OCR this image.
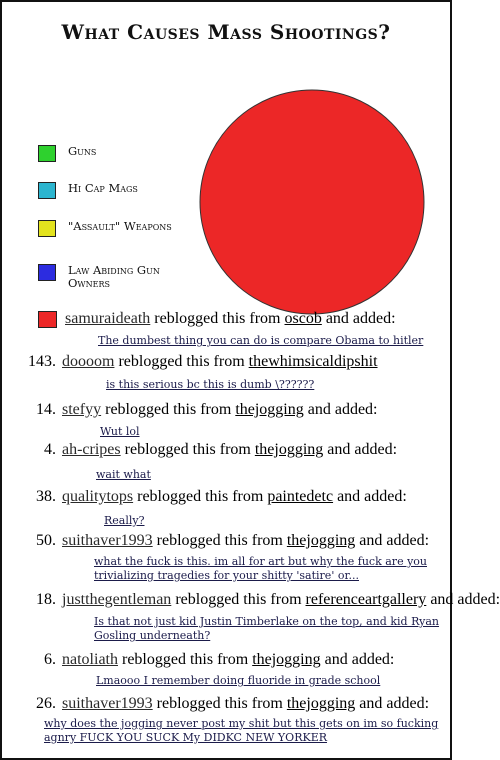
What Causes Mass Shootings?
Guns
Hi Cap Mags
"Assault" Weapons
Law Abiding Gun Owners
samuraideath reblogged this from oscob and added:
The dumbest thing you can do is compare Obama to hitler
143. doooom reblogged this from thewhimsicaldipshit
is this serious bc this is dumb \??????
14. stefyy reblogged this from thejogging and added:
Wut lol
4. ah-cripes reblogged this from thejogging and added:
wait what
38. qualitytops reblogged this from paintedetc and added:
Really?
50. suithaver1993 reblogged this from thejogging and added:
what the fuck is this. im all for art but why the fuck are you
trivializing tragedies for your shitty 'satire' or...
18. justthegentleman reblogged this from referenceartgallery and added:
Is that not just kid Justin Timberlake on the top, and kid Ryan
Gosling underneath?
6. natoliath reblogged this from thejogging and added:
Lmaooo I remember doing fluoride in grade school
26. suithaver1993 reblogged this from thejogging and added:
why does the jogging never post my shit but this gets on im so fucking
agnry FUCK YOU SUCK My DIDKC NEW YORKER
